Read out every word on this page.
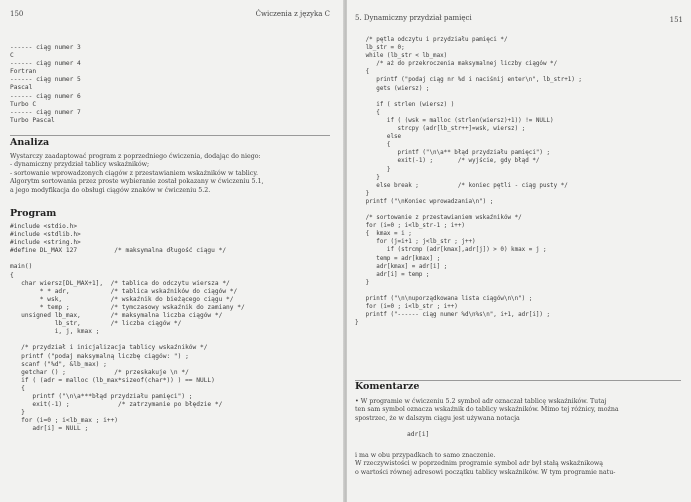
150	Ćwiczenia z języka C
------ ciąg numer 3
C
------ ciąg numer 4
Fortran
------ ciąg numer 5
Pascal
------ ciąg numer 6
Turbo C
------ ciąg numer 7
Turbo Pascal
Analiza

Wystarczy zaadaptować program z poprzedniego ćwiczenia, dodając do niego:
- dynamiczny przydział tablicy wskaźników;
- sortowanie wprowadzonych ciągów z przestawianiem wskaźników w tablicy.
Algorytm sortowania przez proste wybieranie został pokazany w ćwiczeniu 5.1,
a jego modyfikacja do obsługi ciągów znaków w ćwiczeniu 5.2.

Program
#include <stdio.h>
#include <stdlib.h>
#include <string.h>
#define DL_MAX 127          /* maksymalna długość ciągu */

main()
{
char wiersz[DL_MAX+1],  /* tablica do odczytu wiersza */
* * adr,           /* tablica wskaźników do ciągów */
* wsk,             /* wskaźnik do bieżącego ciągu */
* temp ;           /* tymczasowy wskaźnik do zamiany */
unsigned lb_max,        /* maksymalna liczba ciągów */
lb_str,        /* liczba ciągów */
i, j, kmax ;

/* przydział i inicjalizacja tablicy wskaźników */
printf ("podaj maksymalną liczbę ciągów: ") ;
scanf ("%d", &lb_max) ;
getchar () ;             /* przeskakuje \n */
if ( (adr = malloc (lb_max*sizeof(char*)) ) == NULL)
{
printf ("\n\a***błąd przydziału pamięci") ;
exit(-1) ;             /* zatrzymanie po błędzie */
}
for (i=0 ; i<lb_max ; i++)
adr[i] = NULL ;
5. Dynamiczny przydział pamięci	151
/* pętla odczytu i przydziału pamięci */
lb_str = 0;
while (lb_str < lb_max)
/* aż do przekroczenia maksymalnej liczby ciągów */
{
printf ("podaj ciąg nr %d i naciśnij enter\n", lb_str+1) ;
gets (wiersz) ;

if ( strlen (wiersz) )
{
if ( (wsk = malloc (strlen(wiersz)+1)) != NULL)
strcpy (adr[lb_str++]=wsk, wiersz) ;
else
{
printf ("\n\a** błąd przydziału pamięci") ;
exit(-1) ;       /* wyjście, gdy błąd */
}
}
else break ;           /* koniec pętli - ciąg pusty */
}
printf ("\nKoniec wprowadzania\n") ;

/* sortowanie z przestawianiem wskaźników */
for (i=0 ; i<lb_str-1 ; i++)
{  kmax = i ;
for (j=i+1 ; j<lb_str ; j++)
if (strcmp (adr[kmax],adr[j]) > 0) kmax = j ;
temp = adr[kmax] ;
adr[kmax] = adr[i] ;
adr[i] = temp ;
}

printf ("\n\nuporządkowana lista ciągów\n\n") ;
for (i=0 ; i<lb_str ; i++)
printf ("------ ciąg numer %d\n%s\n", i+1, adr[i]) ;
}
Komentarze

• W programie w ćwiczeniu 5.2 symbol adr oznaczał tablicę wskaźników. Tutaj
ten sam symbol oznacza wskaźnik do tablicy wskaźników. Mimo tej różnicy, można
spostrzec, że w dalszym ciągu jest używana notacja

adr[i]

i ma w obu przypadkach to samo znaczenie.
W rzeczywistości w poprzednim programie symbol adr był stałą wskaźnikową
o wartości równej adresowi początku tablicy wskaźników. W tym programie natu-
